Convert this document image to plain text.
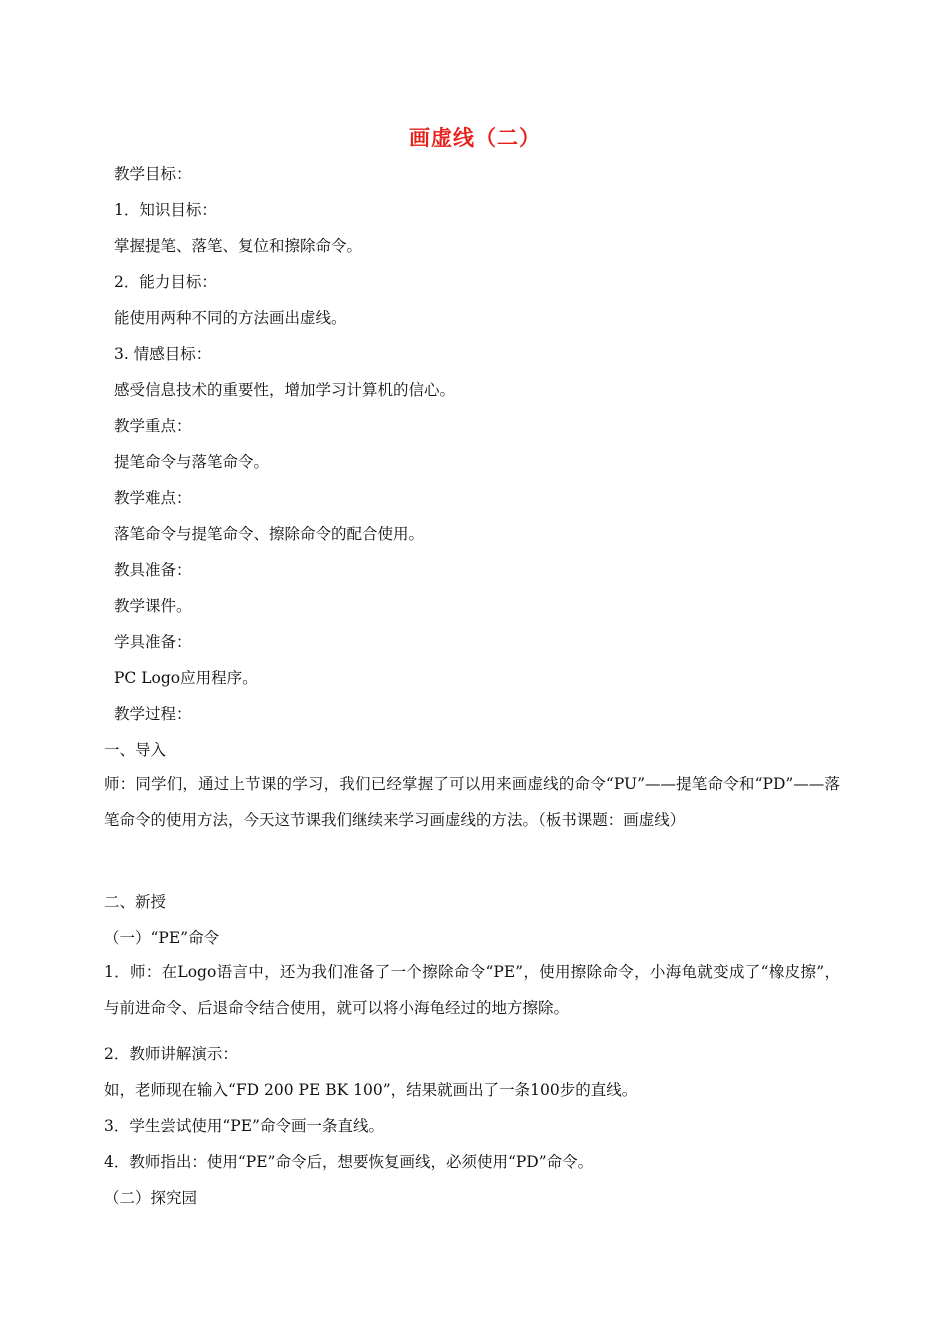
画虚线（二）
教学目标：
1．知识目标：
掌握提笔、落笔、复位和擦除命令。
2．能力目标：
能使用两种不同的方法画出虚线。
3. 情感目标：
感受信息技术的重要性，增加学习计算机的信心。
教学重点：
提笔命令与落笔命令。
教学难点：
落笔命令与提笔命令、擦除命令的配合使用。
教具准备：
教学课件。
学具准备：
PC Logo应用程序。
教学过程：
一、导入
师：同学们，通过上节课的学习，我们已经掌握了可以用来画虚线的命令“PU”——提笔命令和“PD”——落笔命令的使用方法，今天这节课我们继续来学习画虚线的方法。（板书课题：画虚线）
二、新授
（一）“PE”命令
1．师：在Logo语言中，还为我们准备了一个擦除命令“PE”，使用擦除命令，小海龟就变成了“橡皮擦”，与前进命令、后退命令结合使用，就可以将小海龟经过的地方擦除。
2．教师讲解演示：
如，老师现在输入“FD 200 PE BK 100”，结果就画出了一条100步的直线。
3．学生尝试使用“PE”命令画一条直线。
4．教师指出：使用“PE”命令后，想要恢复画线，必须使用“PD”命令。
（二）探究园
